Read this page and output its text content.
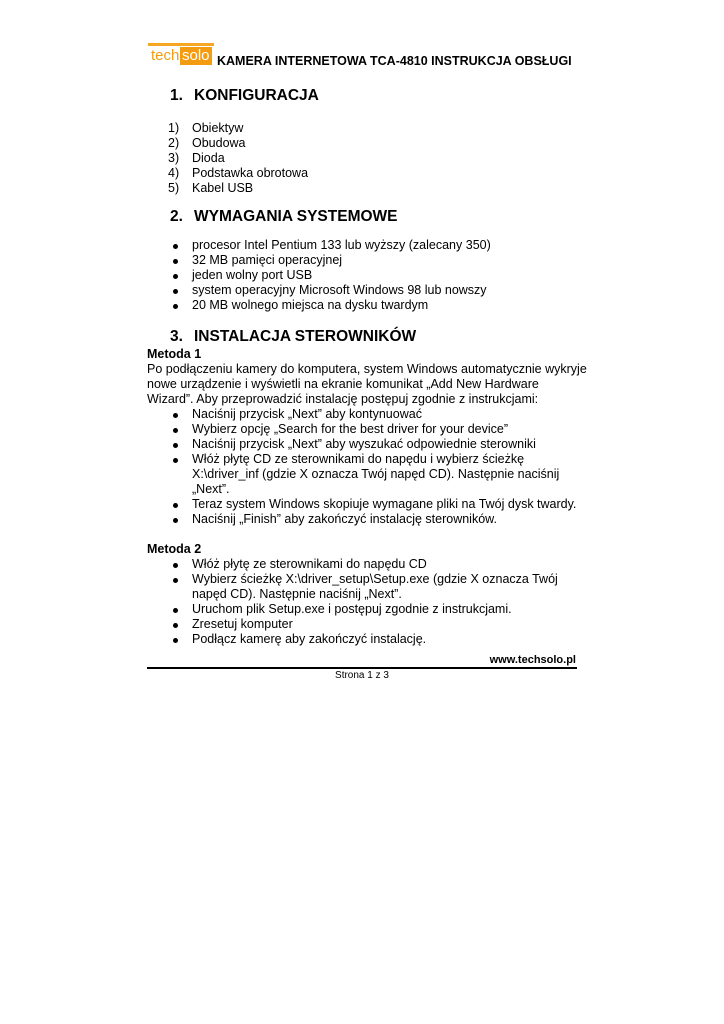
tech solo KAMERA INTERNETOWA TCA-4810 INSTRUKCJA OBSŁUGI
1. KONFIGURACJA
1) Obiektyw
2) Obudowa
3) Dioda
4) Podstawka obrotowa
5) Kabel USB
2. WYMAGANIA SYSTEMOWE
procesor Intel Pentium 133 lub wyższy (zalecany 350)
32 MB pamięci operacyjnej
jeden wolny port USB
system operacyjny Microsoft Windows 98 lub nowszy
20 MB wolnego miejsca na dysku twardym
3. INSTALACJA STEROWNIKÓW

Metoda 1

Po podłączeniu kamery do komputera, system Windows automatycznie wykryje nowe urządzenie i wyświetli na ekranie komunikat „Add New Hardware Wizard”. Aby przeprowadzić instalację postępuj zgodnie z instrukcjami:

Naciśnij przycisk „Next” aby kontynuować
Wybierz opcję „Search for the best driver for your device”
Naciśnij przycisk „Next” aby wyszukać odpowiednie sterowniki
Włóż płytę CD ze sterownikami do napędu i wybierz ścieżkę X:\driver_inf (gdzie X oznacza Twój napęd CD). Następnie naciśnij „Next”.
Teraz system Windows skopiuje wymagane pliki na Twój dysk twardy.
Naciśnij „Finish” aby zakończyć instalację sterowników.

Metoda 2

Włóż płytę ze sterownikami do napędu CD
Wybierz ścieżkę X:\driver_setup\Setup.exe (gdzie X oznacza Twój napęd CD). Następnie naciśnij „Next”.
Uruchom plik Setup.exe i postępuj zgodnie z instrukcjami.
Zresetuj komputer
Podłącz kamerę aby zakończyć instalację.
www.techsolo.pl
Strona 1 z 3
